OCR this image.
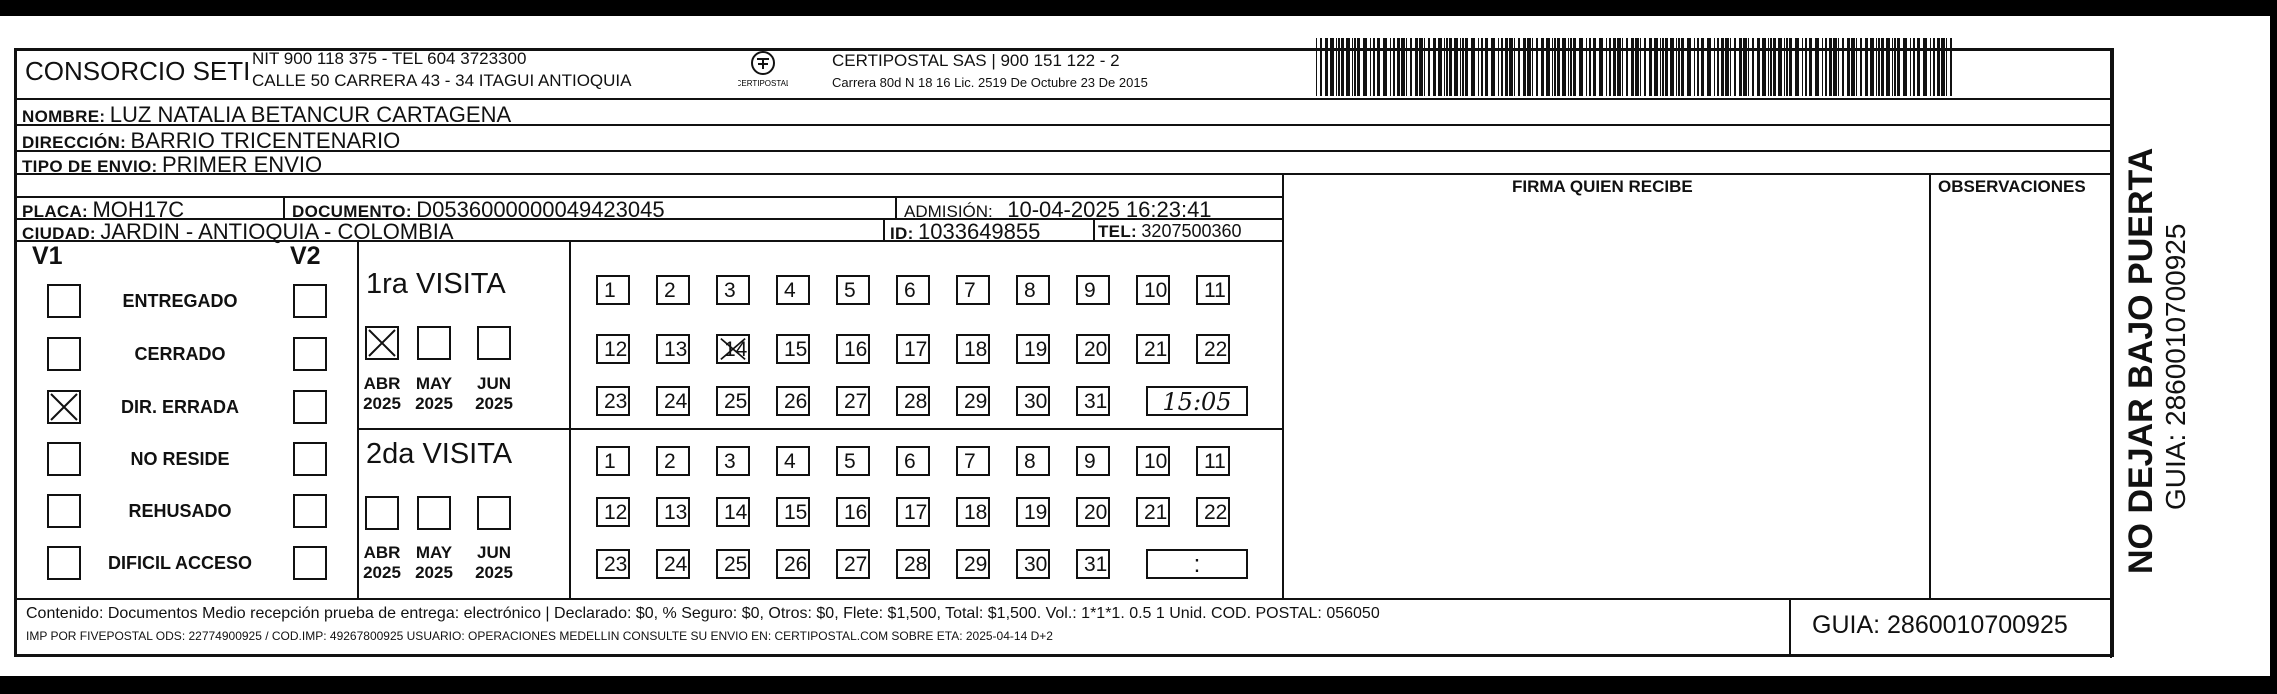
CONSORCIO SETI NIT 900 118 375 - TEL 604 3723300
CALLE 50 CARRERA 43 - 34 ITAGUI ANTIOQUIA	CERTIPOSTAL
CERTIPOSTAL SAS | 900 151 122 - 2
Carrera 80d N 18 16 Lic. 2519 De Octubre 23 De 2015
NOMBRE: LUZ NATALIA BETANCUR CARTAGENA
DIRECCIÓN: BARRIO TRICENTENARIO
TIPO DE ENVIO: PRIMER ENVIO
FIRMA QUIEN RECIBE	OBSERVACIONES
PLACA: MOH17C	DOCUMENTO: D0536000000049423045	ADMISIÓN: 10-04-2025 16:23:41
CIUDAD: JARDIN - ANTIOQUIA - COLOMBIA	ID: 1033649855	TEL: 3207500360
V1	V2
ENTREGADO
CERRADO
DIR. ERRADA
NO RESIDE
REHUSADO
DIFICIL ACCESO
1ra VISITA
2da VISITA
ABR
2025
MAY
2025
JUN
2025
1	2	3	4	5	6	7	8	9	10	11
12	13	14	15	16	17	18	19	20	21	22
23	24	25	26	27	28	29	30	31	15:05
ABR
2025
MAY
2025
JUN
2025
1	2	3	4	5	6	7	8	9	10	11
12	13	14	15	16	17	18	19	20	21	22
23	24	25	26	27	28	29	30	31	:
Contenido: Documentos Medio recepción prueba de entrega: electrónico | Declarado: $0, % Seguro: $0, Otros: $0, Flete: $1,500, Total: $1,500. Vol.: 1*1*1. 0.5 1 Unid. COD. POSTAL: 056050
IMP POR FIVEPOSTAL ODS: 22774900925 / COD.IMP: 49267800925 USUARIO: OPERACIONES MEDELLIN CONSULTE SU ENVIO EN: CERTIPOSTAL.COM SOBRE ETA: 2025-04-14 D+2	GUIA: 2860010700925
NO DEJAR BAJO PUERTA GUIA: 2860010700925
